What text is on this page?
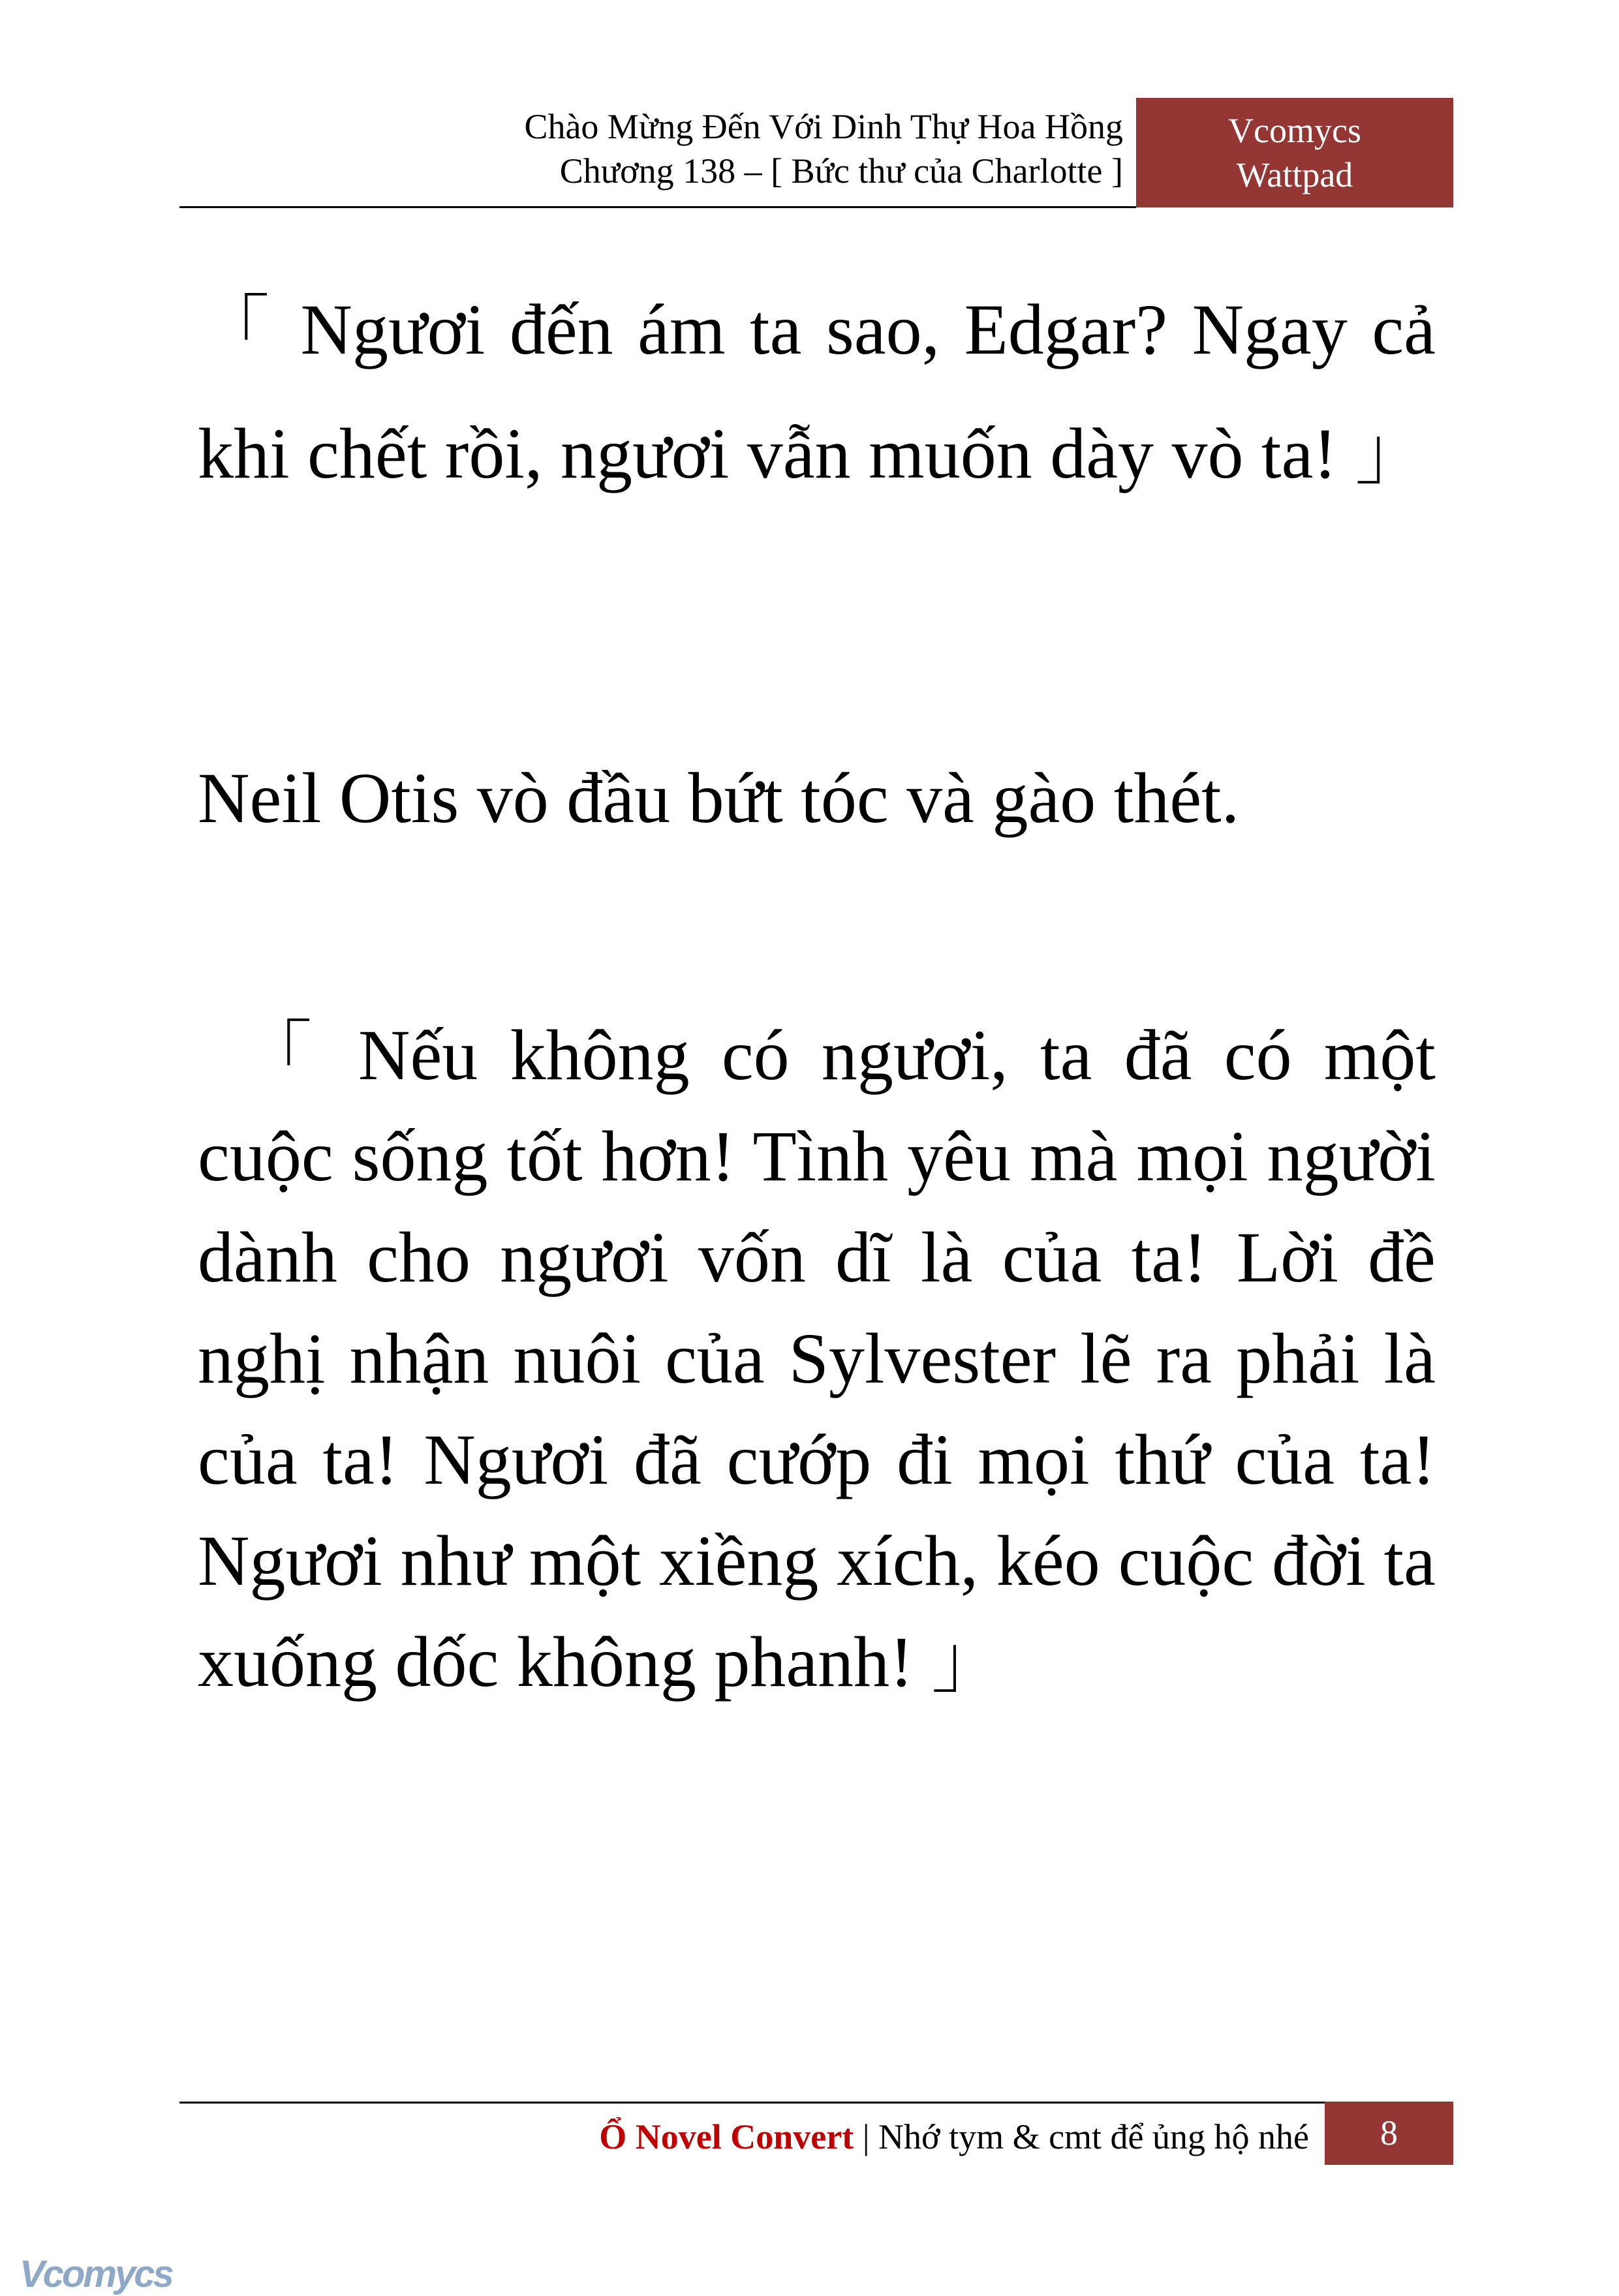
Chào Mừng Đến Với Dinh Thự Hoa Hồng
Chương 138 – [ Bức thư của Charlotte ]
Vcomycs
Wattpad
「 Ngươi đến ám ta sao, Edgar? Ngay cả khi chết rồi, ngươi vẫn muốn dày vò ta! 」
Neil Otis vò đầu bứt tóc và gào thét.
「 Nếu không có ngươi, ta đã có một cuộc sống tốt hơn! Tình yêu mà mọi người dành cho ngươi vốn dĩ là của ta! Lời đề nghị nhận nuôi của Sylvester lẽ ra phải là của ta! Ngươi đã cướp đi mọi thứ của ta! Ngươi như một xiềng xích, kéo cuộc đời ta xuống dốc không phanh! 」
Ổ Novel Convert | Nhớ tym & cmt để ủng hộ nhé	8
Vcomycs
